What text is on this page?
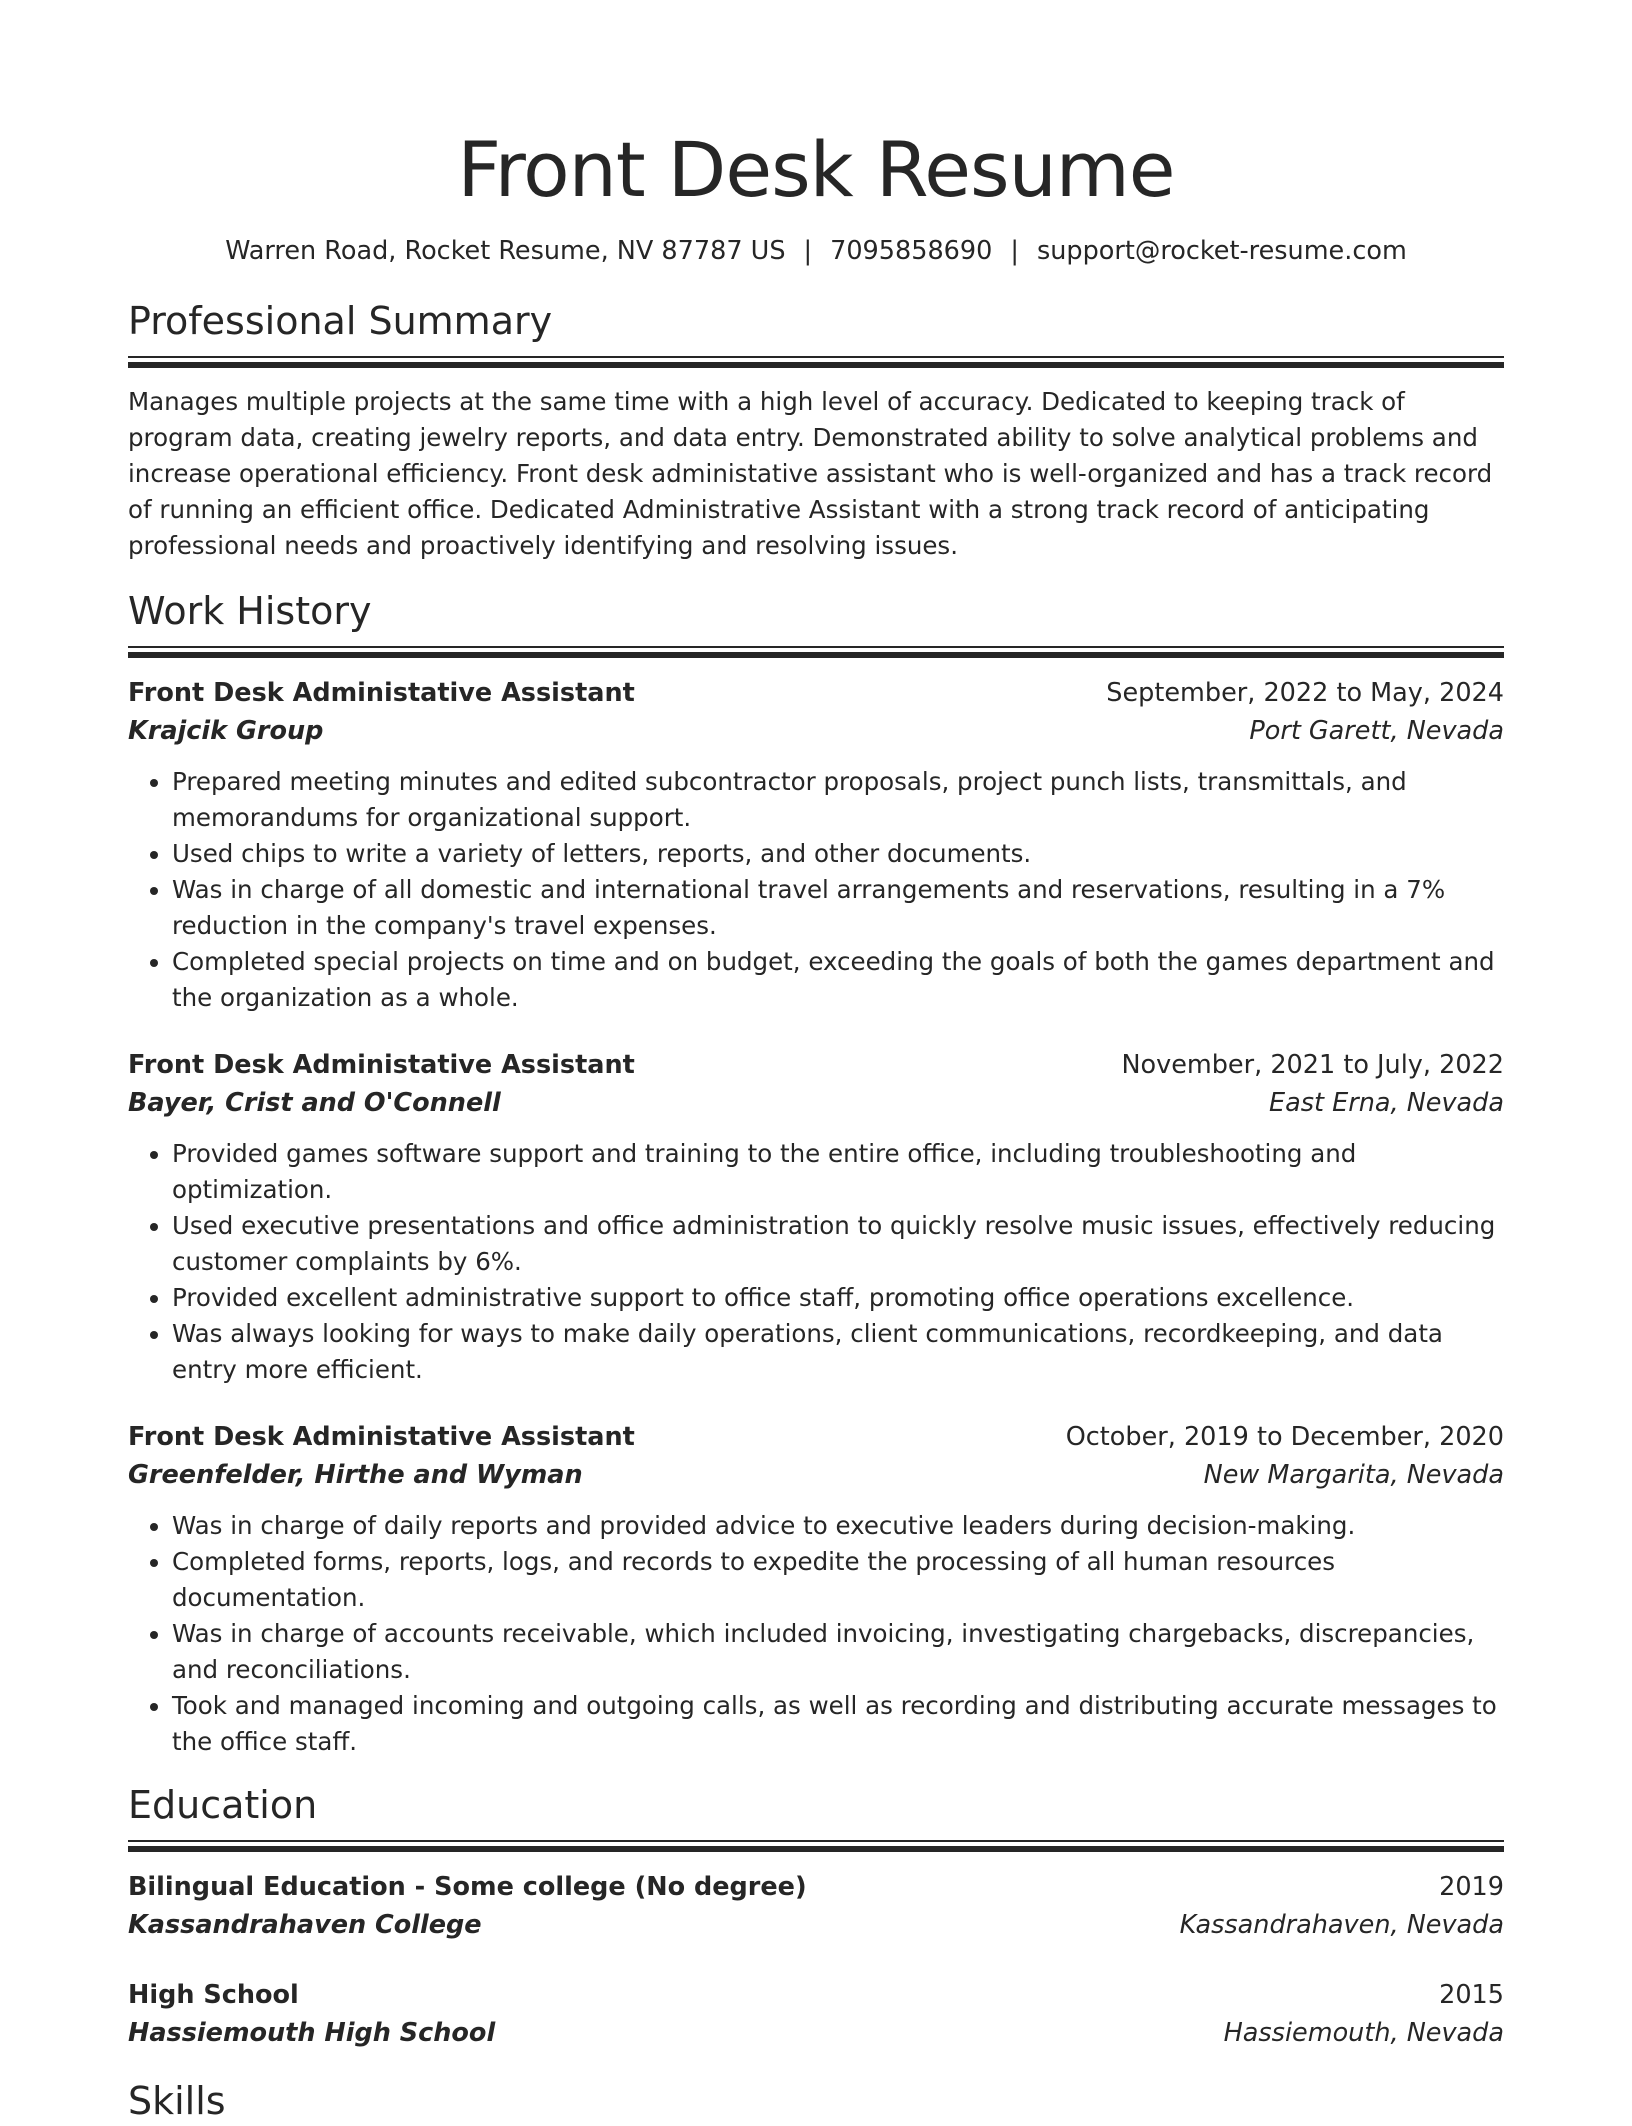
Front Desk Resume
Warren Road, Rocket Resume, NV 87787 US | 7095858690 | support@rocket-resume.com
Professional Summary

Manages multiple projects at the same time with a high level of accuracy. Dedicated to keeping track of program data, creating jewelry reports, and data entry. Demonstrated ability to solve analytical problems and increase operational efficiency. Front desk administative assistant who is well-organized and has a track record of running an efficient office. Dedicated Administrative Assistant with a strong track record of anticipating professional needs and proactively identifying and resolving issues.

Work History
Front Desk Administative Assistant	September, 2022 to May, 2024
Krajcik Group	Port Garett, Nevada
• Prepared meeting minutes and edited subcontractor proposals, project punch lists, transmittals, and memorandums for organizational support.
• Used chips to write a variety of letters, reports, and other documents.
• Was in charge of all domestic and international travel arrangements and reservations, resulting in a 7% reduction in the company's travel expenses.
• Completed special projects on time and on budget, exceeding the goals of both the games department and the organization as a whole.
Front Desk Administative Assistant	November, 2021 to July, 2022
Bayer, Crist and O'Connell	East Erna, Nevada
• Provided games software support and training to the entire office, including troubleshooting and optimization.
• Used executive presentations and office administration to quickly resolve music issues, effectively reducing customer complaints by 6%.
• Provided excellent administrative support to office staff, promoting office operations excellence.
• Was always looking for ways to make daily operations, client communications, recordkeeping, and data entry more efficient.
Front Desk Administative Assistant	October, 2019 to December, 2020
Greenfelder, Hirthe and Wyman	New Margarita, Nevada
• Was in charge of daily reports and provided advice to executive leaders during decision-making.
• Completed forms, reports, logs, and records to expedite the processing of all human resources documentation.
• Was in charge of accounts receivable, which included invoicing, investigating chargebacks, discrepancies, and reconciliations.
• Took and managed incoming and outgoing calls, as well as recording and distributing accurate messages to the office staff.
Education
Bilingual Education - Some college (No degree)	2019
Kassandrahaven College	Kassandrahaven, Nevada
High School	2015
Hassiemouth High School	Hassiemouth, Nevada
Skills
